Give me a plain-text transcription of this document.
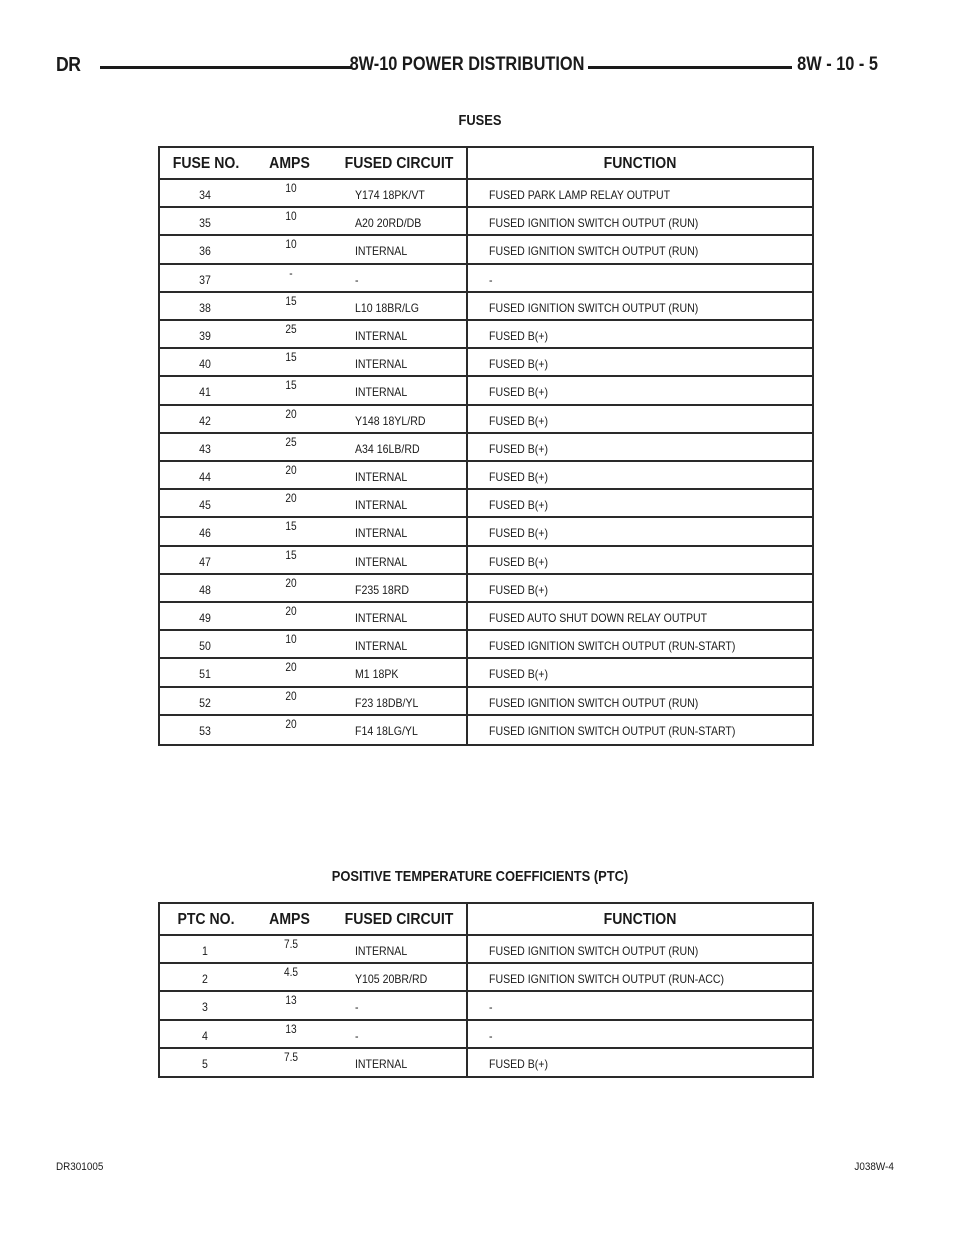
DR	8W-10 POWER DISTRIBUTION	8W - 10 - 5
FUSES
FUSE NO.	AMPS	FUSED CIRCUIT	FUNCTION
34	10	Y174 18PK/VT	FUSED PARK LAMP RELAY OUTPUT
35	10	A20 20RD/DB	FUSED IGNITION SWITCH OUTPUT (RUN)
36	10	INTERNAL	FUSED IGNITION SWITCH OUTPUT (RUN)
37	-	-	-
38	15	L10 18BR/LG	FUSED IGNITION SWITCH OUTPUT (RUN)
39	25	INTERNAL	FUSED B(+)
40	15	INTERNAL	FUSED B(+)
41	15	INTERNAL	FUSED B(+)
42	20	Y148 18YL/RD	FUSED B(+)
43	25	A34 16LB/RD	FUSED B(+)
44	20	INTERNAL	FUSED B(+)
45	20	INTERNAL	FUSED B(+)
46	15	INTERNAL	FUSED B(+)
47	15	INTERNAL	FUSED B(+)
48	20	F235 18RD	FUSED B(+)
49	20	INTERNAL	FUSED AUTO SHUT DOWN RELAY OUTPUT
50	10	INTERNAL	FUSED IGNITION SWITCH OUTPUT (RUN-START)
51	20	M1 18PK	FUSED B(+)
52	20	F23 18DB/YL	FUSED IGNITION SWITCH OUTPUT (RUN)
53	20	F14 18LG/YL	FUSED IGNITION SWITCH OUTPUT (RUN-START)
POSITIVE TEMPERATURE COEFFICIENTS (PTC)
PTC NO.	AMPS	FUSED CIRCUIT	FUNCTION
1	7.5	INTERNAL	FUSED IGNITION SWITCH OUTPUT (RUN)
2	4.5	Y105 20BR/RD	FUSED IGNITION SWITCH OUTPUT (RUN-ACC)
3	13	-	-
4	13	-	-
5	7.5	INTERNAL	FUSED B(+)
DR301005	J038W-4
